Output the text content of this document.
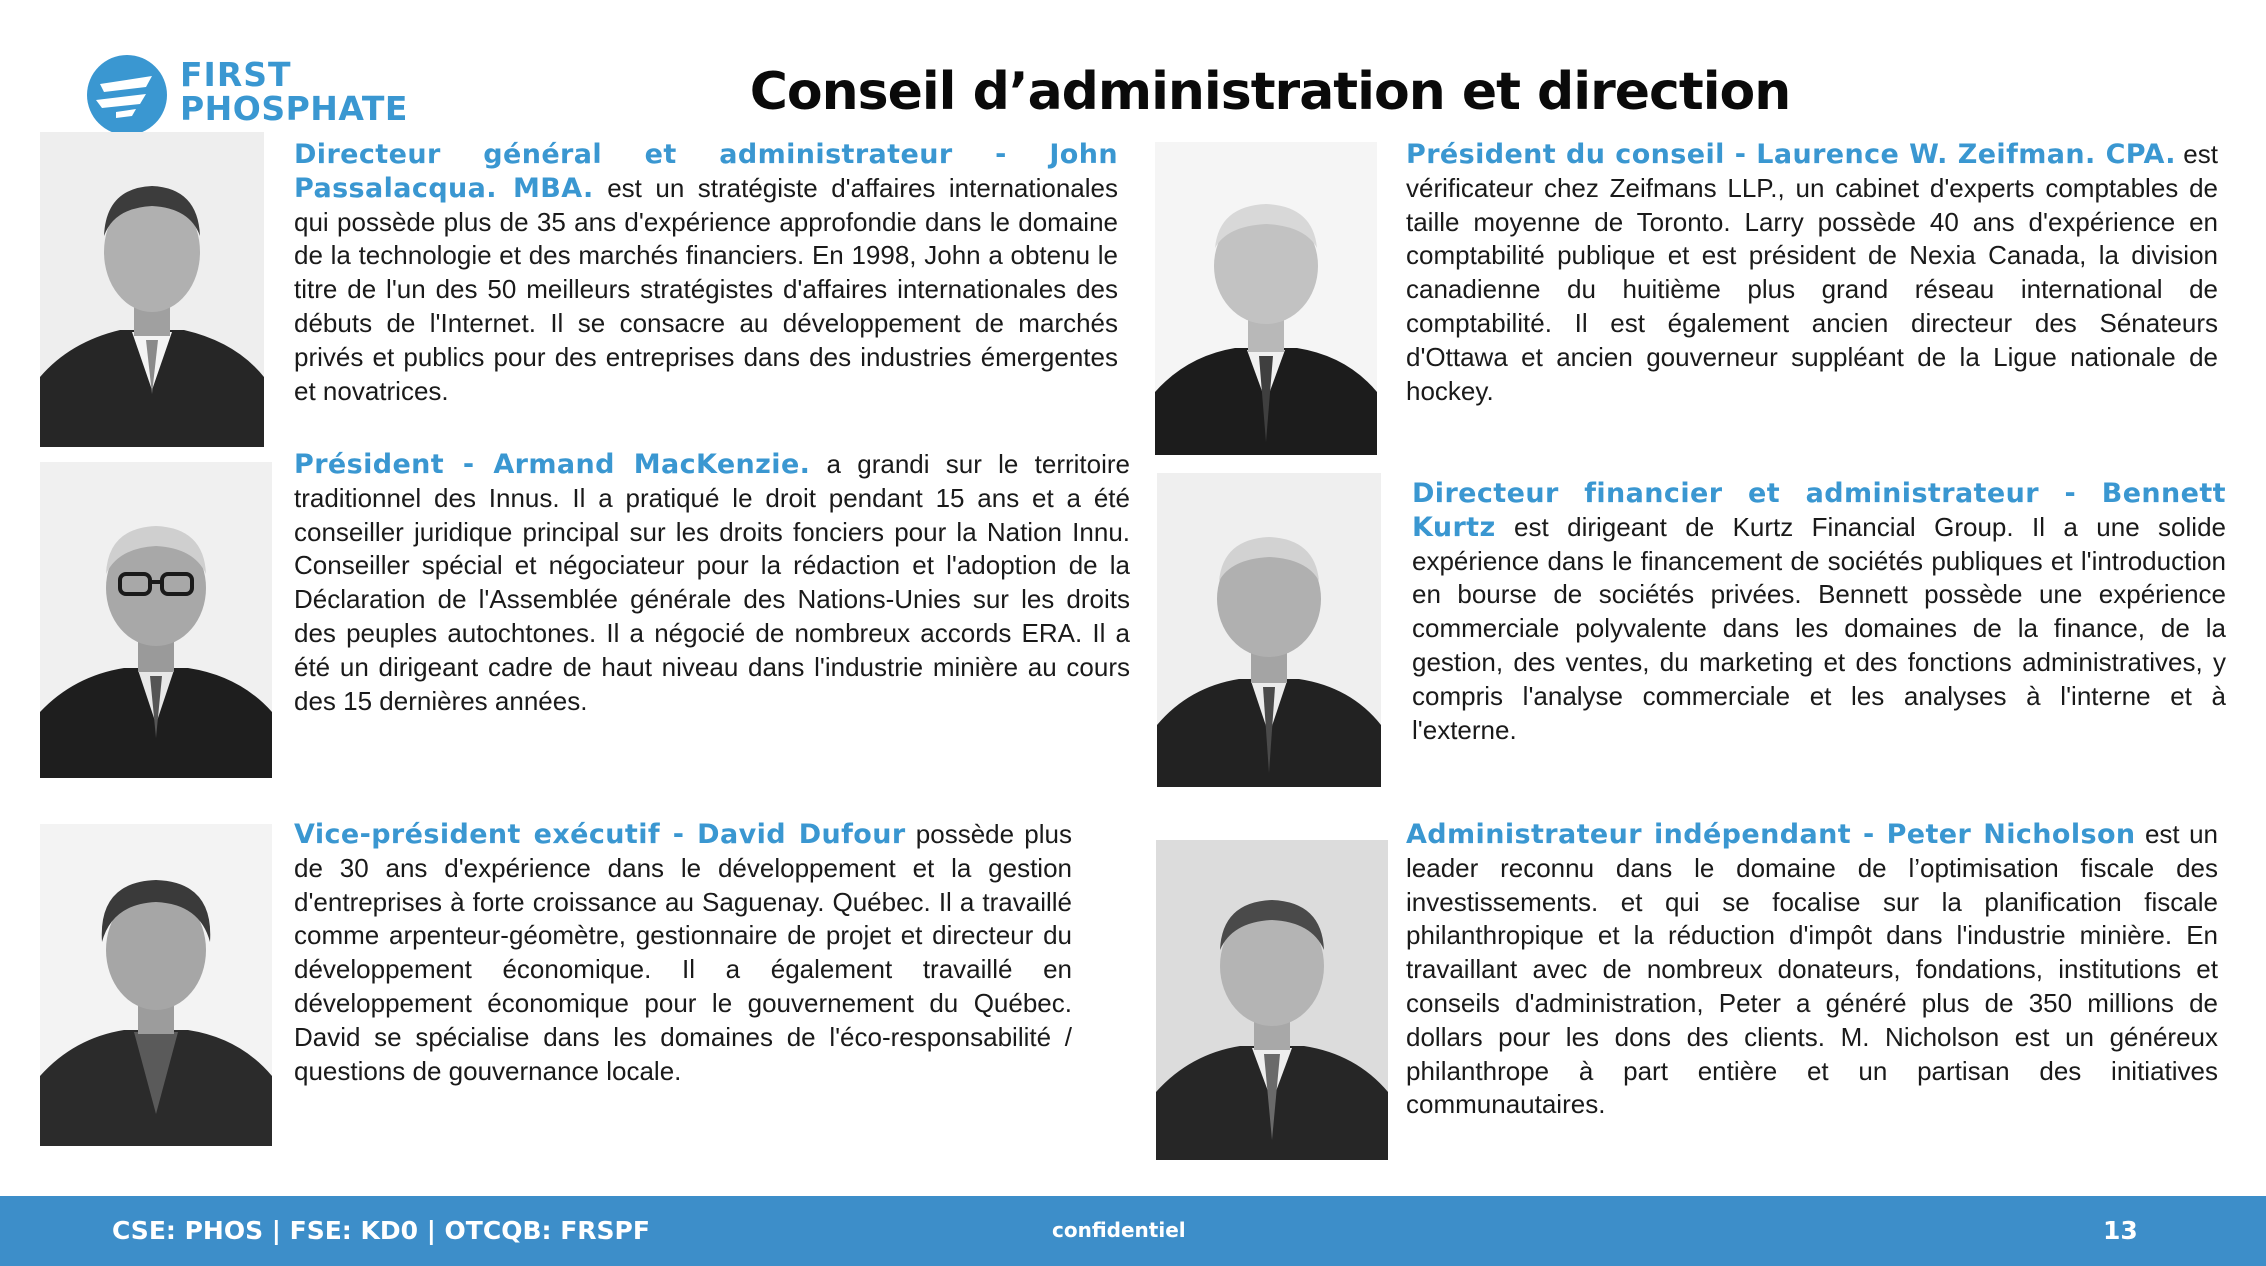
FIRST
PHOSPHATE	Conseil d’administration et direction

Directeur général et administrateur - John Passalacqua. MBA. est un stratégiste d'affaires internationales qui possède plus de 35 ans d'expérience approfondie dans le domaine de la technologie et des marchés financiers. En 1998, John a obtenu le titre de l'un des 50 meilleurs stratégistes d'affaires internationales des débuts de l'Internet. Il se consacre au développement de marchés privés et publics pour des entreprises dans des industries émergentes et novatrices.

Président - Armand MacKenzie. a grandi sur le territoire traditionnel des Innus. Il a pratiqué le droit pendant 15 ans et a été conseiller juridique principal sur les droits fonciers pour la Nation Innu. Conseiller spécial et négociateur pour la rédaction et l'adoption de la Déclaration de l'Assemblée générale des Nations-Unies sur les droits des peuples autochtones. Il a négocié de nombreux accords ERA. Il a été un dirigeant cadre de haut niveau dans l'industrie minière au cours des 15 dernières années.

Vice-président exécutif - David Dufour possède plus de 30 ans d'expérience dans le développement et la gestion d'entreprises à forte croissance au Saguenay. Québec. Il a travaillé comme arpenteur-géomètre, gestionnaire de projet et directeur du développement économique. Il a également travaillé en développement économique pour le gouvernement du Québec. David se spécialise dans les domaines de l'éco-responsabilité / questions de gouvernance locale.

Président du conseil - Laurence W. Zeifman. CPA. est vérificateur chez Zeifmans LLP., un cabinet d'experts comptables de taille moyenne de Toronto. Larry possède 40 ans d'expérience en comptabilité publique et est président de Nexia Canada, la division canadienne du huitième plus grand réseau international de comptabilité. Il est également ancien directeur des Sénateurs d'Ottawa et ancien gouverneur suppléant de la Ligue nationale de hockey.

Directeur financier et administrateur - Bennett Kurtz est dirigeant de Kurtz Financial Group. Il a une solide expérience dans le financement de sociétés publiques et l'introduction en bourse de sociétés privées. Bennett possède une expérience commerciale polyvalente dans les domaines de la finance, de la gestion, des ventes, du marketing et des fonctions administratives, y compris l'analyse commerciale et les analyses à l'interne et à l'externe.

Administrateur indépendant - Peter Nicholson est un leader reconnu dans le domaine de l’optimisation fiscale des investissements. et qui se focalise sur la planification fiscale philanthropique et la réduction d'impôt dans l'industrie minière. En travaillant avec de nombreux donateurs, fondations, institutions et conseils d'administration, Peter a généré plus de 350 millions de dollars pour les dons des clients. M. Nicholson est un généreux philanthrope à part entière et un partisan des initiatives communautaires.

CSE: PHOS | FSE: KD0 | OTCQB: FRSPF	confidentiel	13
